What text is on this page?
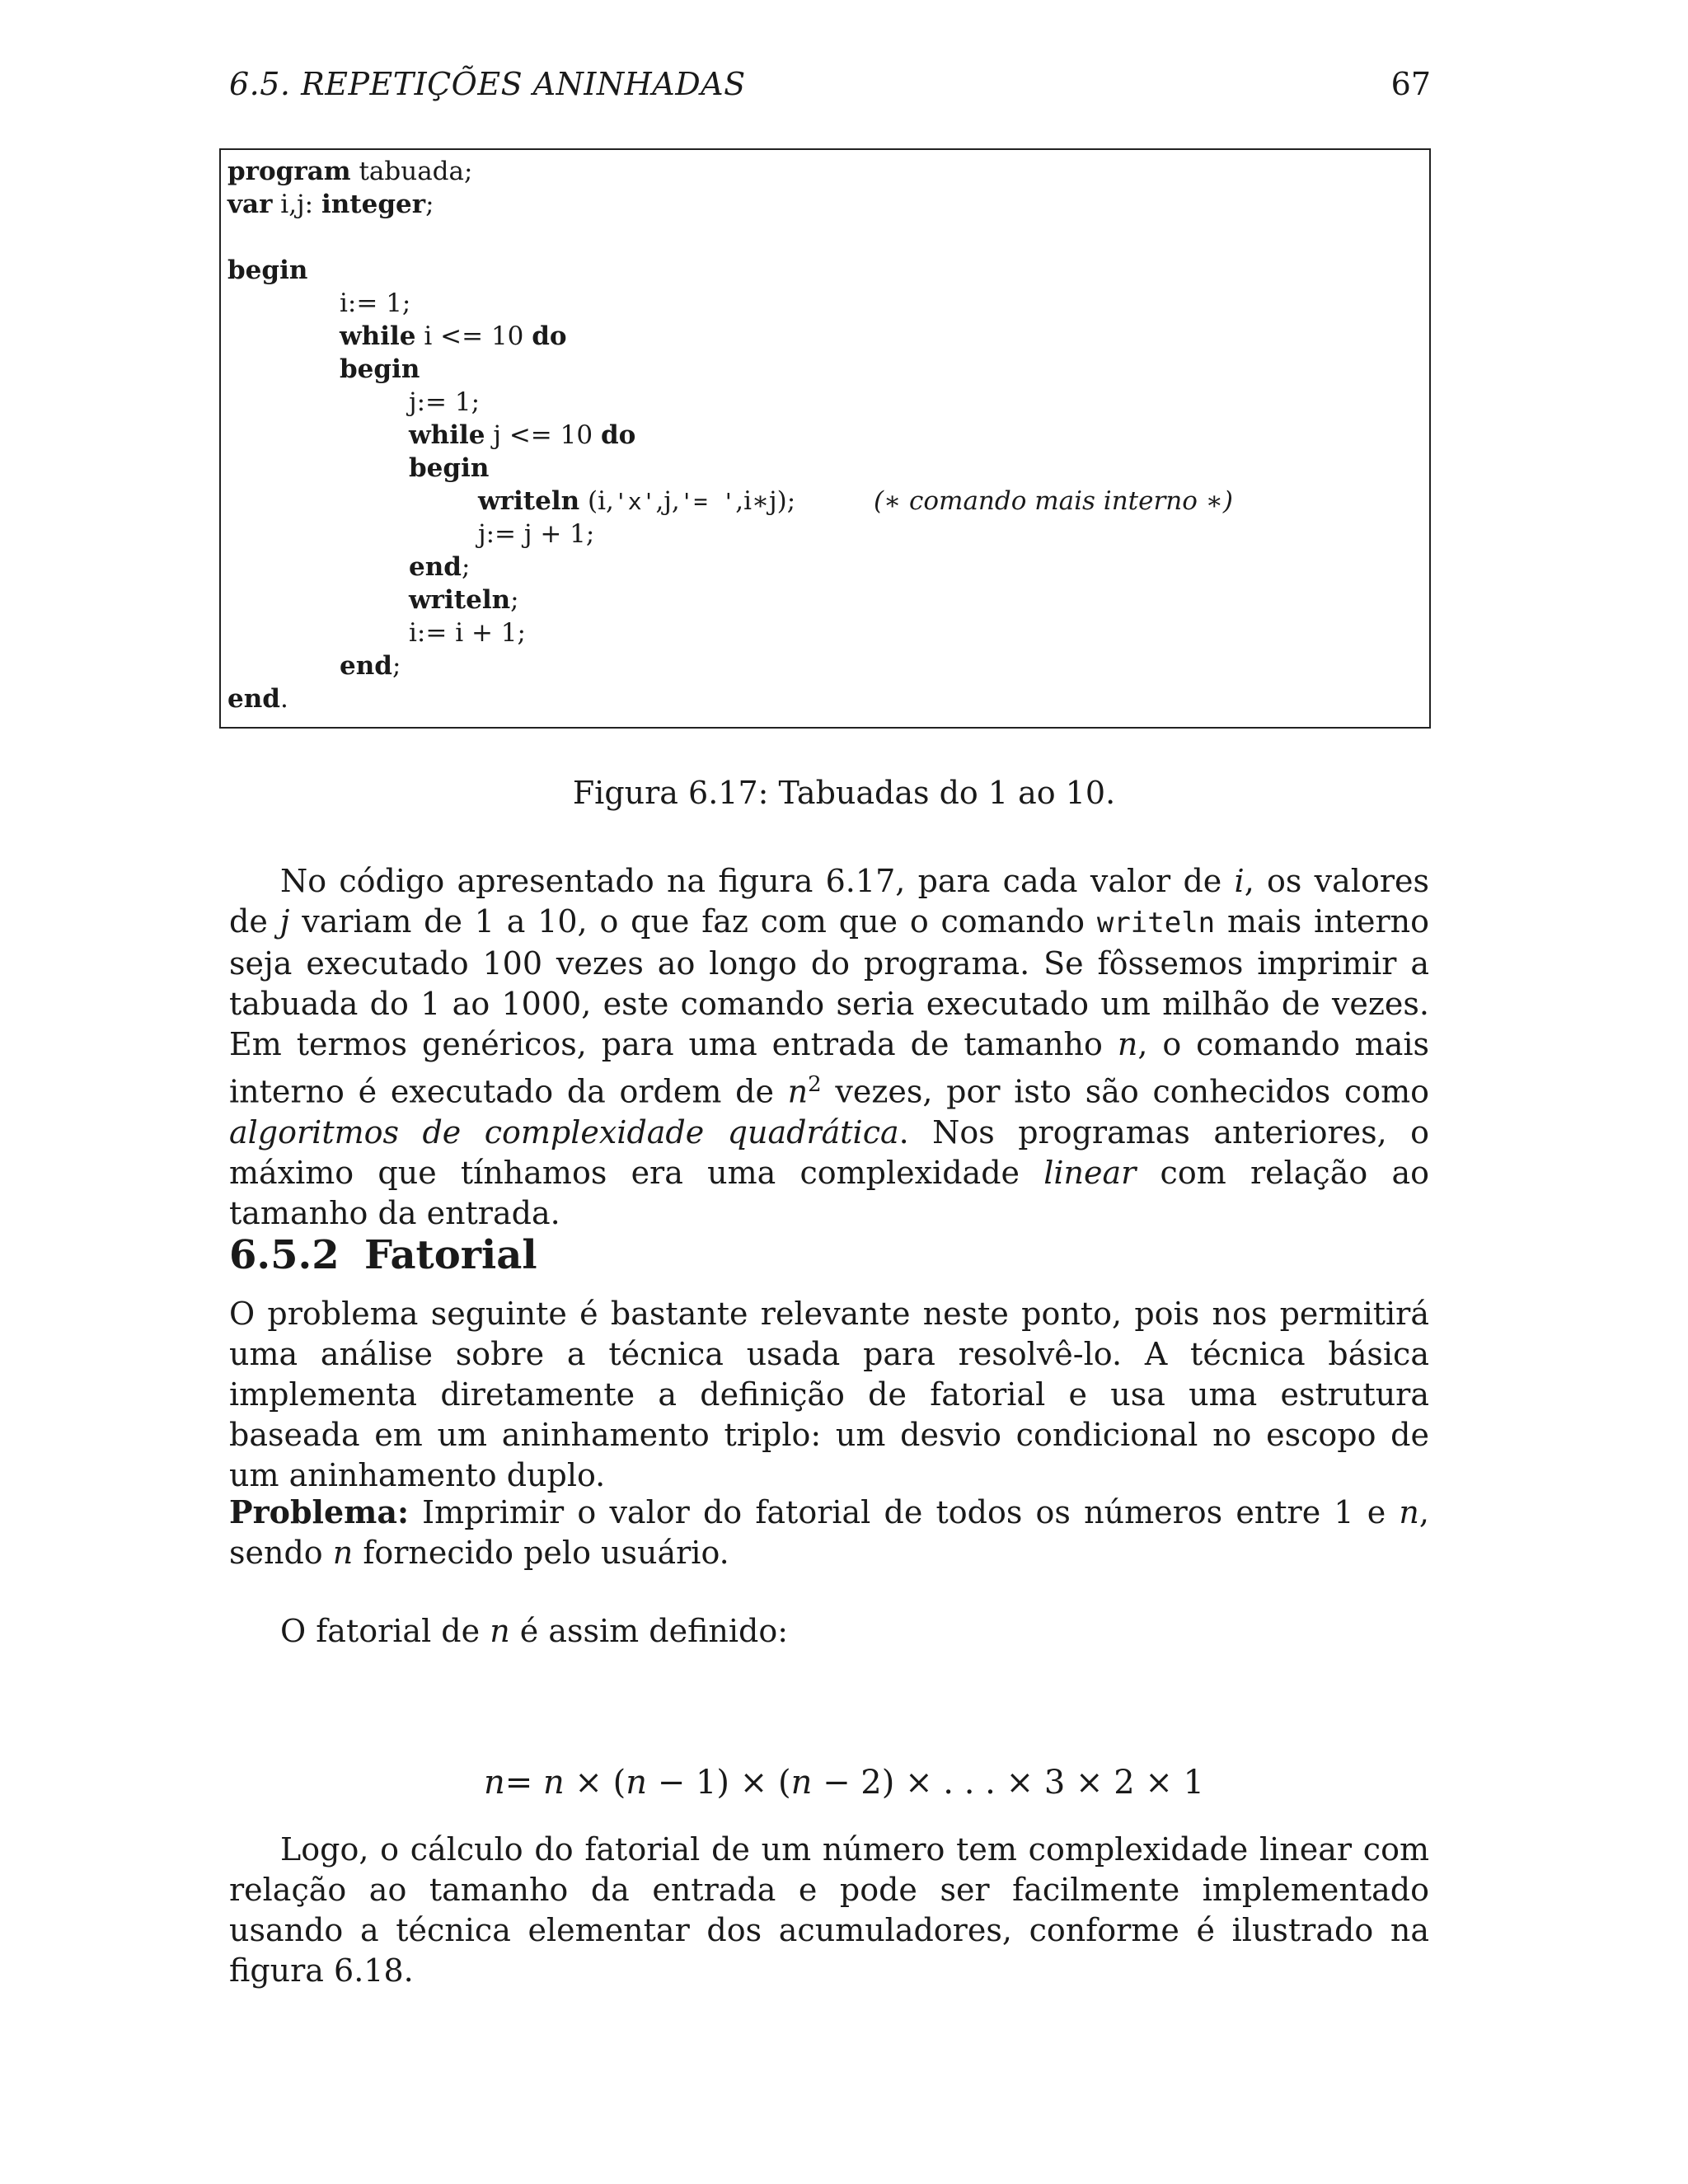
6.5. REPETIÇÕES ANINHADAS	67
program tabuada;
var i,j: integer;
begin
i:= 1;
while i <= 10 do
begin
j:= 1;
while j <= 10 do
begin
writeln (i,'x',j,'= ',i∗j);	(∗ comando mais interno ∗)
j:= j + 1;
end;
writeln;
i:= i + 1;
end;
end.
Figura 6.17: Tabuadas do 1 ao 10.
No código apresentado na figura 6.17, para cada valor de i, os valores de j variam de 1 a 10, o que faz com que o comando writeln mais interno seja executado 100 vezes ao longo do programa. Se fôssemos imprimir a tabuada do 1 ao 1000, este comando seria executado um milhão de vezes. Em termos genéricos, para uma entrada de tamanho n, o comando mais interno é executado da ordem de $n^2$ vezes, por isto são conhecidos como algoritmos de complexidade quadrática. Nos programas anteriores, o máximo que tínhamos era uma complexidade linear com relação ao tamanho da entrada.
6.5.2 Fatorial
O problema seguinte é bastante relevante neste ponto, pois nos permitirá uma análise sobre a técnica usada para resolvê-lo. A técnica básica implementa diretamente a definição de fatorial e usa uma estrutura baseada em um aninhamento triplo: um desvio condicional no escopo de um aninhamento duplo.
Problema: Imprimir o valor do fatorial de todos os números entre 1 e n, sendo n fornecido pelo usuário.
O fatorial de n é assim definido:
n= n × (n − 1) × (n − 2) × . . . × 3 × 2 × 1
Logo, o cálculo do fatorial de um número tem complexidade linear com relação ao tamanho da entrada e pode ser facilmente implementado usando a técnica elementar dos acumuladores, conforme é ilustrado na figura 6.18.
